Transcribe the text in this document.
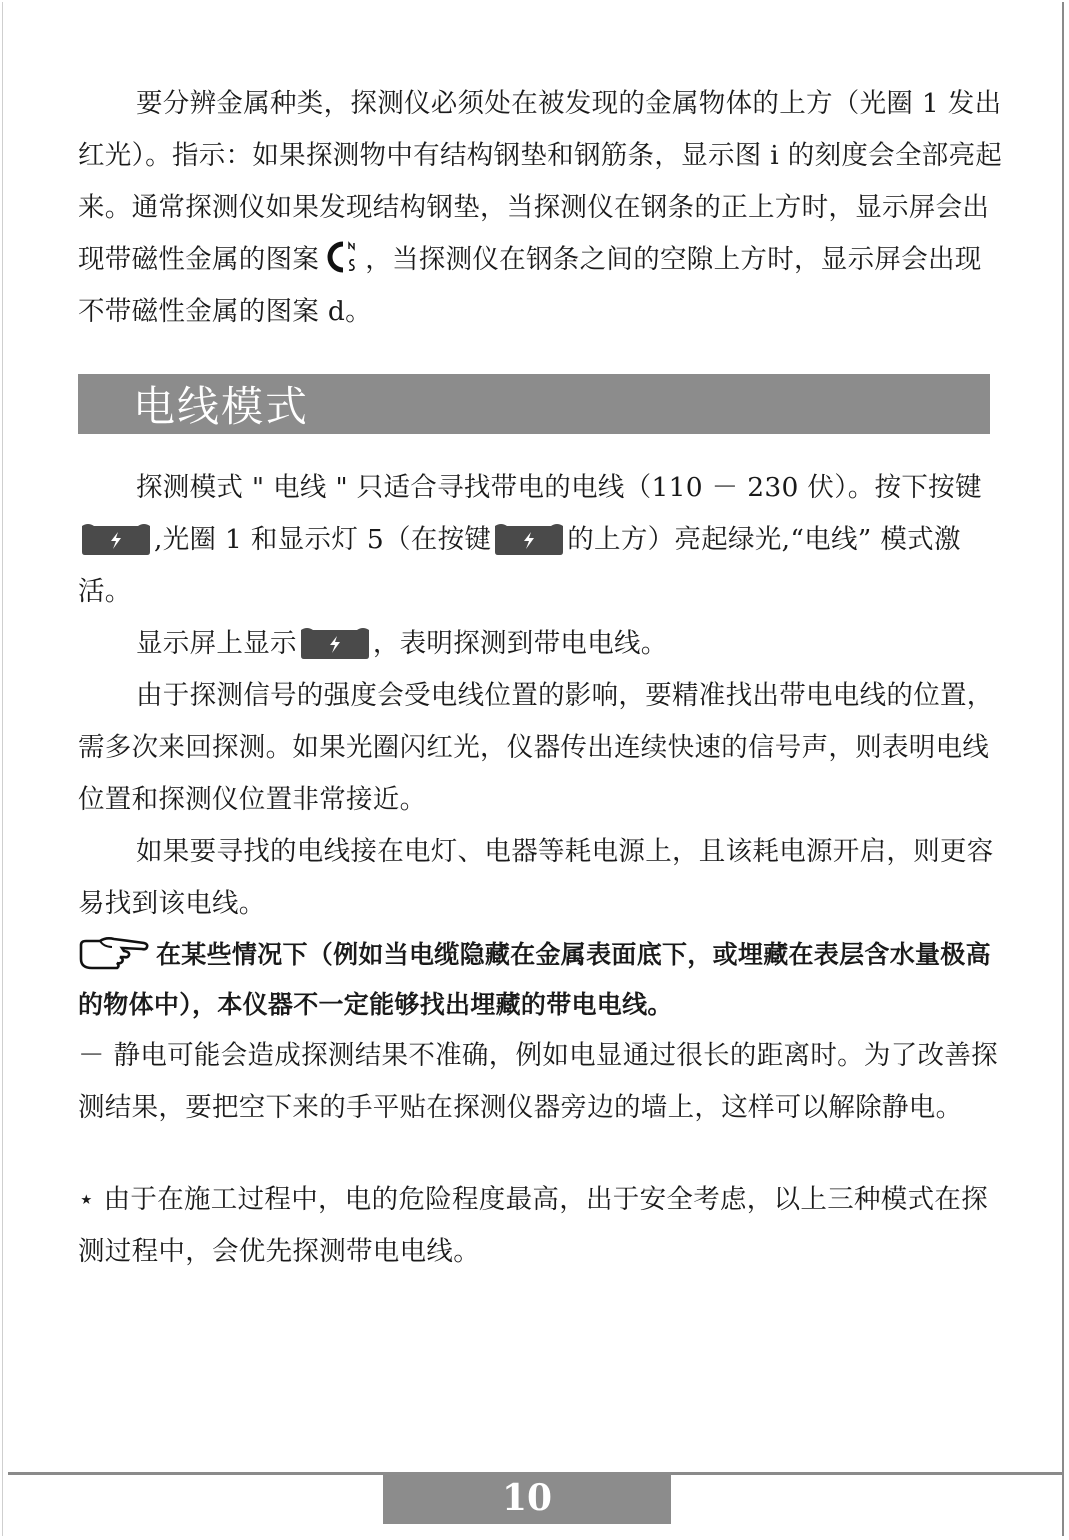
要分辨金属种类，探测仪必须处在被发现的金属物体的上方（光圈 1 发出红光）。指示：如果探测物中有结构钢垫和钢筋条，显示图 i 的刻度会全部亮起来。通常探测仪如果发现结构钢垫，当探测仪在钢条的正上方时，显示屏会出现带磁性金属的图案 ，当探测仪在钢条之间的空隙上方时，显示屏会出现不带磁性金属的图案 d。

电线模式

探测模式 " 电线 " 只适合寻找带电的电线（110 － 230 伏）。按下按键
,光圈 1 和显示灯 5（在按键	的上方）亮起绿光,“电线” 模式激活。

显示屏上显示	，表明探测到带电电线。

由于探测信号的强度会受电线位置的影响，要精准找出带电电线的位置，需多次来回探测。如果光圈闪红光，仪器传出连续快速的信号声，则表明电线位置和探测仪位置非常接近。

如果要寻找的电线接在电灯、电器等耗电源上，且该耗电源开启，则更容易找到该电线。

在某些情况下（例如当电缆隐藏在金属表面底下，或埋藏在表层含水量极高的物体中），本仪器不一定能够找出埋藏的带电电线。

－ 静电可能会造成探测结果不准确，例如电显通过很长的距离时。为了改善探测结果，要把空下来的手平贴在探测仪器旁边的墙上，这样可以解除静电。

⋆ 由于在施工过程中，电的危险程度最高，出于安全考虑，以上三种模式在探测过程中，会优先探测带电电线。

10
